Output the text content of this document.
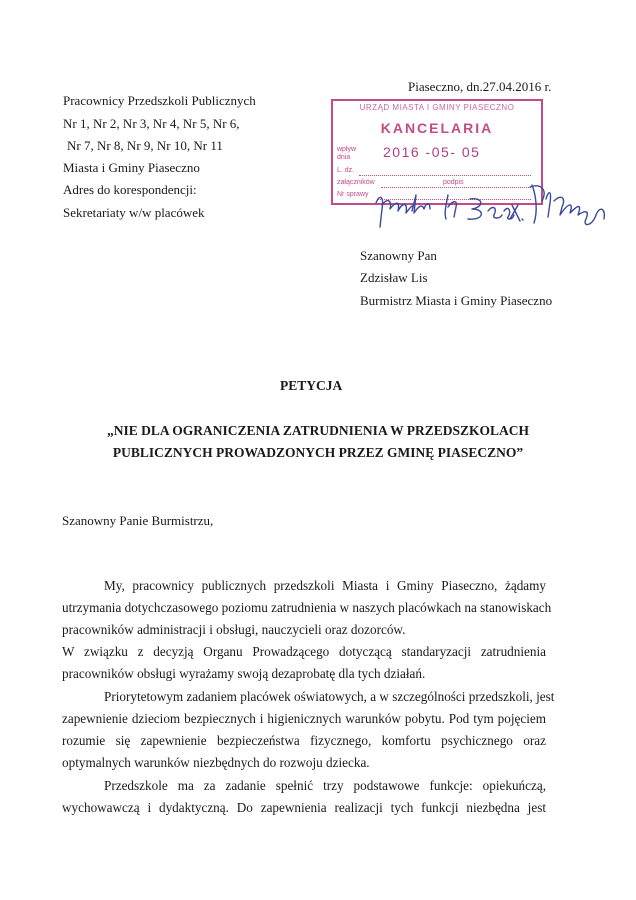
Piaseczno, dn.27.04.2016 r.

Pracownicy Przedszkoli Publicznych
Nr 1, Nr 2, Nr 3, Nr 4, Nr 5, Nr 6,
Nr 7, Nr 8, Nr 9, Nr 10, Nr 11
Miasta i Gminy Piaseczno
Adres do korespondencji:
Sekretariaty w/w placówek
URZĄD MIASTA I GMINY PIASECZNO
KANCELARIA
wpływ dnia	2016 -05- 05
L. dz.
załączników	podpis
Nr sprawy
Szanowny Pan
Zdzisław Lis
Burmistrz Miasta i Gminy Piaseczno

PETYCJA

„NIE DLA OGRANICZENIA ZATRUDNIENIA W PRZEDSZKOLACH

PUBLICZNYCH PROWADZONYCH PRZEZ GMINĘ PIASECZNO”

Szanowny Panie Burmistrzu,

My, pracownicy publicznych przedszkoli Miasta i Gminy Piaseczno, żądamy

utrzymania dotychczasowego poziomu zatrudnienia w naszych placówkach na stanowiskach

pracowników administracji i obsługi, nauczycieli oraz dozorców.

W związku z decyzją Organu Prowadzącego dotyczącą standaryzacji zatrudnienia

pracowników obsługi wyrażamy swoją dezaprobatę dla tych działań.

Priorytetowym zadaniem placówek oświatowych, a w szczególności przedszkoli, jest

zapewnienie dzieciom bezpiecznych i higienicznych warunków pobytu. Pod tym pojęciem

rozumie się zapewnienie bezpieczeństwa fizycznego, komfortu psychicznego oraz

optymalnych warunków niezbędnych do rozwoju dziecka.

Przedszkole ma za zadanie spełnić trzy podstawowe funkcje: opiekuńczą,

wychowawczą i dydaktyczną. Do zapewnienia realizacji tych funkcji niezbędna jest
